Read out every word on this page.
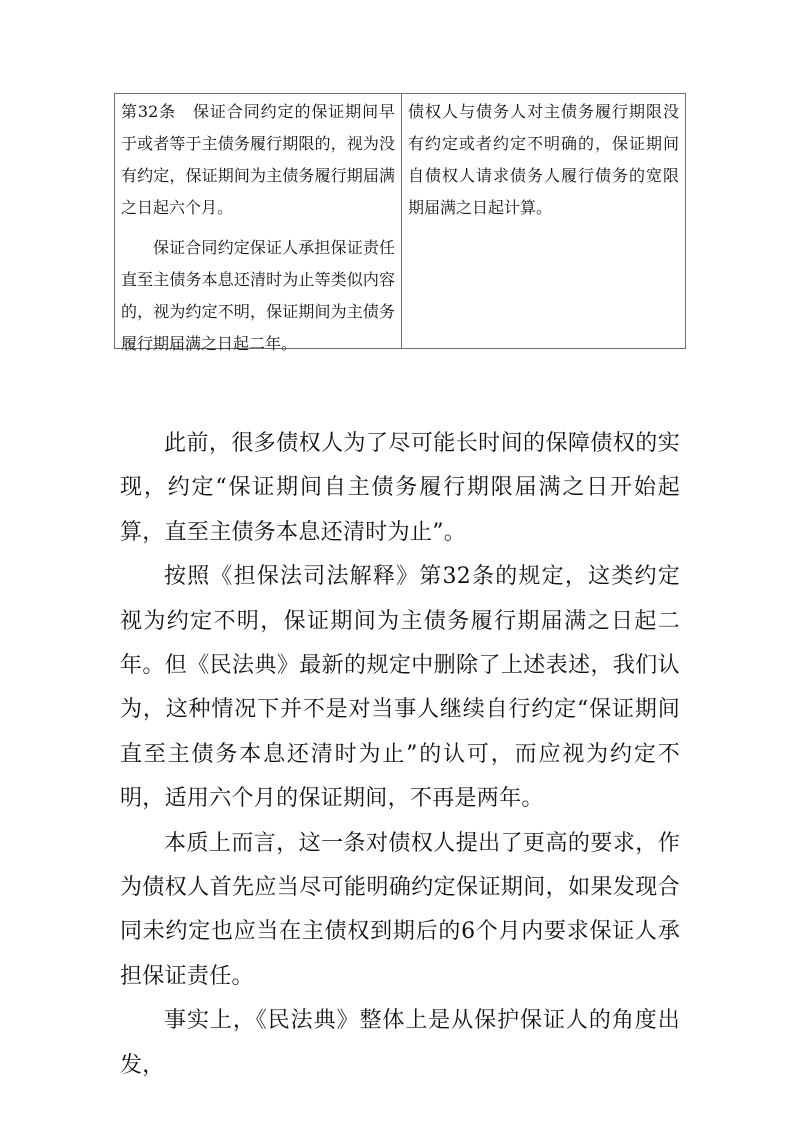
第32条　保证合同约定的保证期间早于或者等于主债务履行期限的，视为没有约定，保证期间为主债务履行期届满之日起六个月。

保证合同约定保证人承担保证责任直至主债务本息还清时为止等类似内容的，视为约定不明，保证期间为主债务履行期届满之日起二年。

债权人与债务人对主债务履行期限没有约定或者约定不明确的，保证期间自债权人请求债务人履行债务的宽限期届满之日起计算。

此前，很多债权人为了尽可能长时间的保障债权的实现，约定“保证期间自主债务履行期限届满之日开始起算，直至主债务本息还清时为止”。

按照《担保法司法解释》第32条的规定，这类约定视为约定不明，保证期间为主债务履行期届满之日起二年。但《民法典》最新的规定中删除了上述表述，我们认为，这种情况下并不是对当事人继续自行约定“保证期间直至主债务本息还清时为止”的认可，而应视为约定不明，适用六个月的保证期间，不再是两年。

本质上而言，这一条对债权人提出了更高的要求，作为债权人首先应当尽可能明确约定保证期间，如果发现合同未约定也应当在主债权到期后的6个月内要求保证人承担保证责任。

事实上，《民法典》整体上是从保护保证人的角度出发，
